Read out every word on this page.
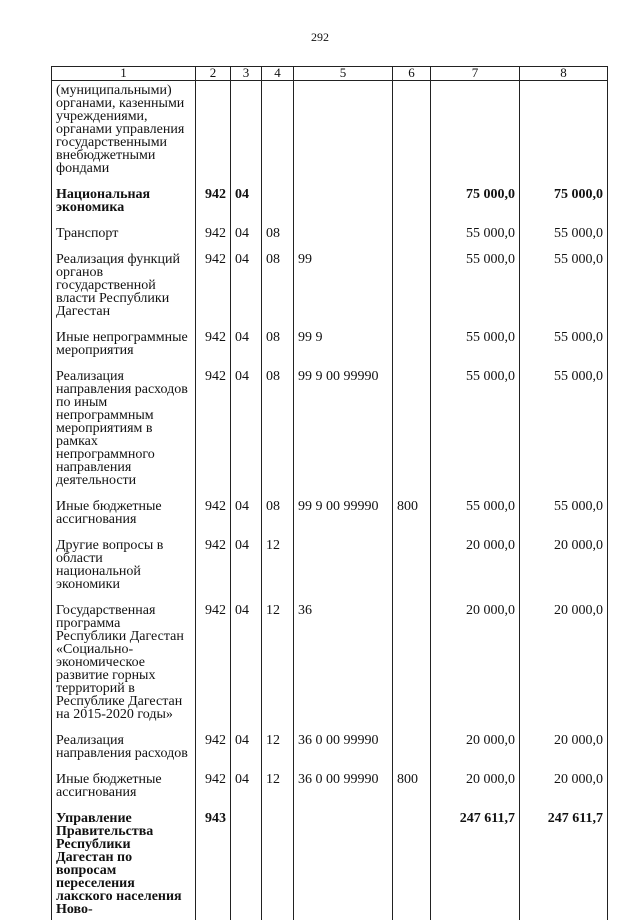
292
1	2	3	4	5	6	7	8
(муниципальными) органами, казенными учреждениями, органами управления государственными внебюджетными фондами							
Национальная экономика	942	04				75 000,0	75 000,0
Транспорт	942	04	08			55 000,0	55 000,0
Реализация функций органов государственной власти Республики Дагестан	942	04	08	99		55 000,0	55 000,0
Иные непрограммные мероприятия	942	04	08	99 9		55 000,0	55 000,0
Реализация направления расходов по иным непрограммным мероприятиям в рамках непрограммного направления деятельности	942	04	08	99 9 00 99990		55 000,0	55 000,0
Иные бюджетные ассигнования	942	04	08	99 9 00 99990	800	55 000,0	55 000,0
Другие вопросы в области национальной экономики	942	04	12			20 000,0	20 000,0
Государственная программа Республики Дагестан «Социально-экономическое развитие горных территорий в Республике Дагестан на 2015-2020 годы»	942	04	12	36		20 000,0	20 000,0
Реализация направления расходов	942	04	12	36 0 00 99990		20 000,0	20 000,0
Иные бюджетные ассигнования	942	04	12	36 0 00 99990	800	20 000,0	20 000,0
Управление Правительства Республики Дагестан по вопросам переселения лакского населения Ново-	943					247 611,7	247 611,7
